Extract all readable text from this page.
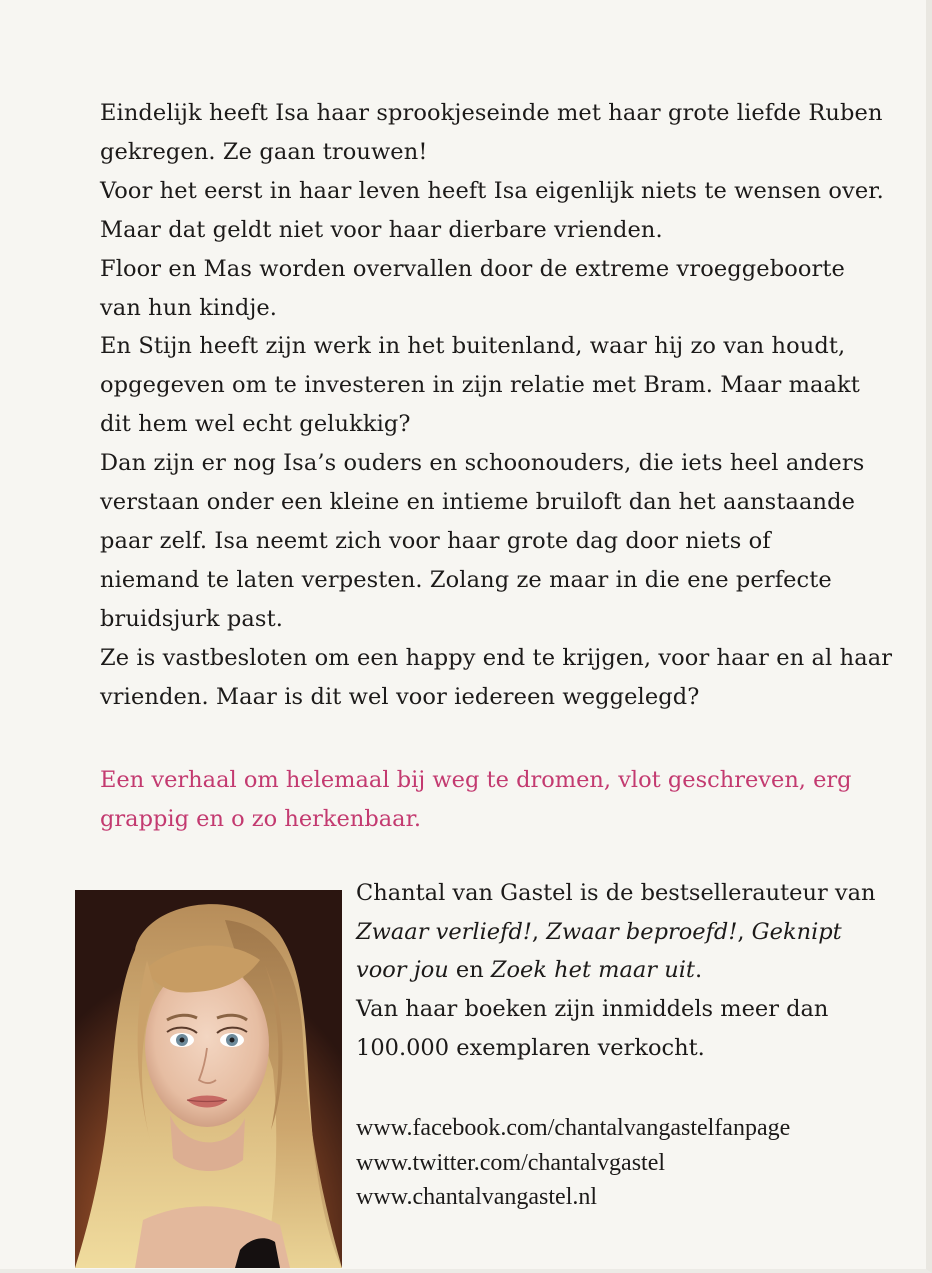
Eindelijk heeft Isa haar sprookjeseinde met haar grote liefde Ruben

gekregen. Ze gaan trouwen!

Voor het eerst in haar leven heeft Isa eigenlijk niets te wensen over.

Maar dat geldt niet voor haar dierbare vrienden.

Floor en Mas worden overvallen door de extreme vroeggeboorte

van hun kindje.

En Stijn heeft zijn werk in het buitenland, waar hij zo van houdt,

opgegeven om te investeren in zijn relatie met Bram. Maar maakt

dit hem wel echt gelukkig?

Dan zijn er nog Isa’s ouders en schoonouders, die iets heel anders

verstaan onder een kleine en intieme bruiloft dan het aanstaande

paar zelf. Isa neemt zich voor haar grote dag door niets of

niemand te laten verpesten. Zolang ze maar in die ene perfecte

bruidsjurk past.

Ze is vastbesloten om een happy end te krijgen, voor haar en al haar

vrienden. Maar is dit wel voor iedereen weggelegd?

Een verhaal om helemaal bij weg te dromen, vlot geschreven, erg
grappig en o zo herkenbaar.

Chantal van Gastel is de bestsellerauteur van

Zwaar verliefd!, Zwaar beproefd!, Geknipt

voor jou en Zoek het maar uit.

Van haar boeken zijn inmiddels meer dan

100.000 exemplaren verkocht.

www.facebook.com/chantalvangastelfanpage
www.twitter.com/chantalvgastel
www.chantalvangastel.nl
